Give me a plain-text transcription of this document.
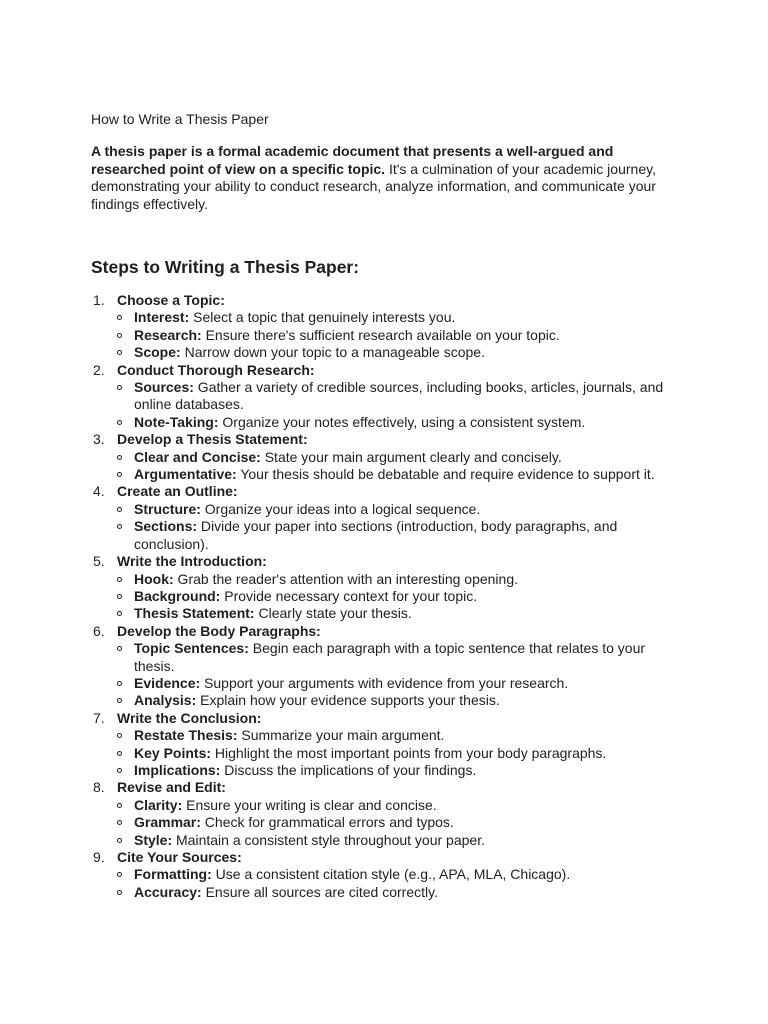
How to Write a Thesis Paper

A thesis paper is a formal academic document that presents a well-argued and researched point of view on a specific topic. It's a culmination of your academic journey, demonstrating your ability to conduct research, analyze information, and communicate your findings effectively.

Steps to Writing a Thesis Paper:
1. Choose a Topic:
Interest: Select a topic that genuinely interests you.
Research: Ensure there's sufficient research available on your topic.
Scope: Narrow down your topic to a manageable scope.
2. Conduct Thorough Research:
Sources: Gather a variety of credible sources, including books, articles, journals, and online databases.
Note-Taking: Organize your notes effectively, using a consistent system.
3. Develop a Thesis Statement:
Clear and Concise: State your main argument clearly and concisely.
Argumentative: Your thesis should be debatable and require evidence to support it.
4. Create an Outline:
Structure: Organize your ideas into a logical sequence.
Sections: Divide your paper into sections (introduction, body paragraphs, and conclusion).
5. Write the Introduction:
Hook: Grab the reader's attention with an interesting opening.
Background: Provide necessary context for your topic.
Thesis Statement: Clearly state your thesis.
6. Develop the Body Paragraphs:
Topic Sentences: Begin each paragraph with a topic sentence that relates to your thesis.
Evidence: Support your arguments with evidence from your research.
Analysis: Explain how your evidence supports your thesis.
7. Write the Conclusion:
Restate Thesis: Summarize your main argument.
Key Points: Highlight the most important points from your body paragraphs.
Implications: Discuss the implications of your findings.
8. Revise and Edit:
Clarity: Ensure your writing is clear and concise.
Grammar: Check for grammatical errors and typos.
Style: Maintain a consistent style throughout your paper.
9. Cite Your Sources:
Formatting: Use a consistent citation style (e.g., APA, MLA, Chicago).
Accuracy: Ensure all sources are cited correctly.
